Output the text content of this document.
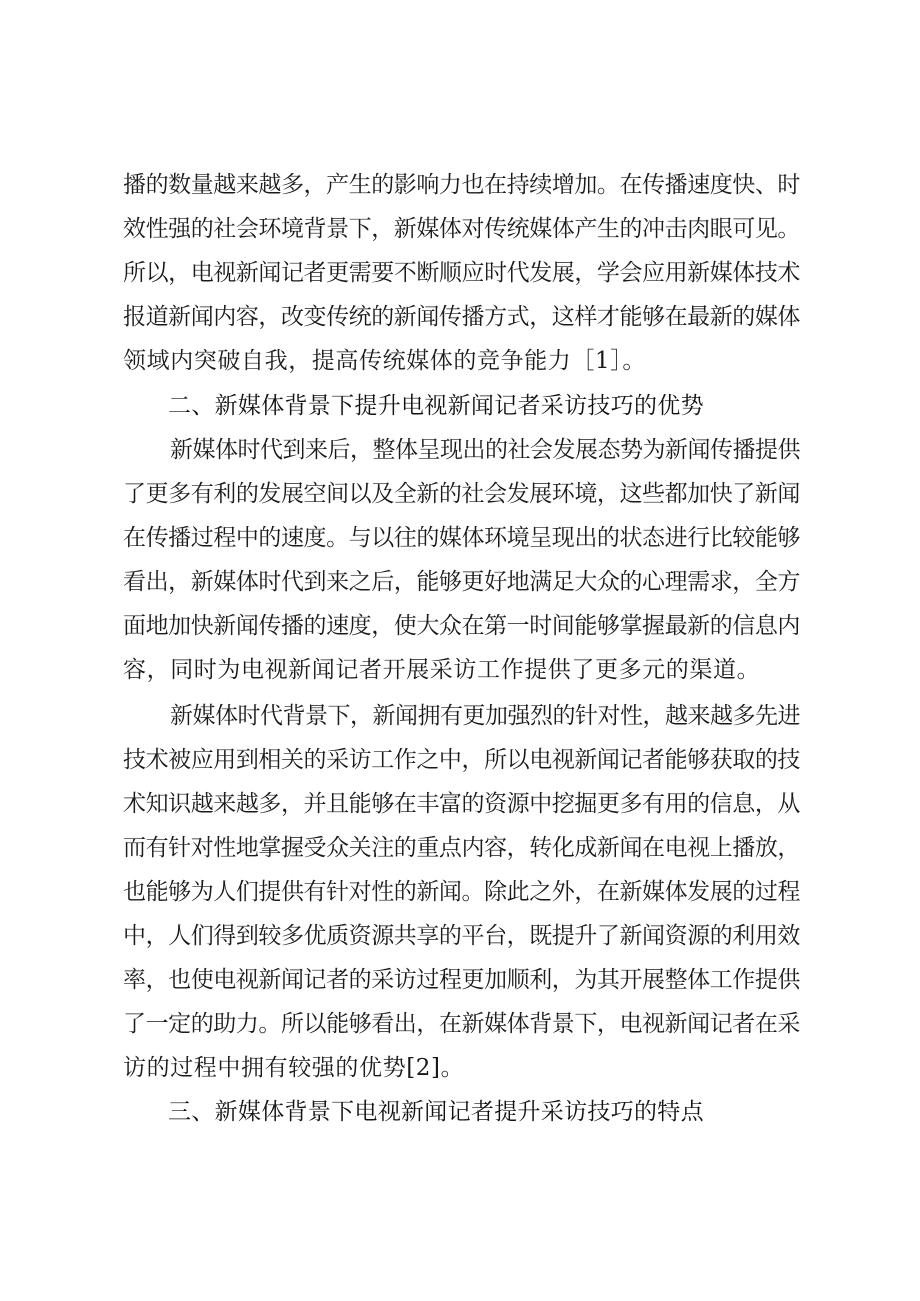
播的数量越来越多，产生的影响力也在持续增加。在传播速度快、时
效性强的社会环境背景下，新媒体对传统媒体产生的冲击肉眼可见。
所以，电视新闻记者更需要不断顺应时代发展，学会应用新媒体技术
报道新闻内容，改变传统的新闻传播方式，这样才能够在最新的媒体
领域内突破自我，提高传统媒体的竞争能力［1］。
二、新媒体背景下提升电视新闻记者采访技巧的优势
新媒体时代到来后，整体呈现出的社会发展态势为新闻传播提供
了更多有利的发展空间以及全新的社会发展环境，这些都加快了新闻
在传播过程中的速度。与以往的媒体环境呈现出的状态进行比较能够
看出，新媒体时代到来之后，能够更好地满足大众的心理需求，全方
面地加快新闻传播的速度，使大众在第一时间能够掌握最新的信息内
容，同时为电视新闻记者开展采访工作提供了更多元的渠道。
新媒体时代背景下，新闻拥有更加强烈的针对性，越来越多先进
技术被应用到相关的采访工作之中，所以电视新闻记者能够获取的技
术知识越来越多，并且能够在丰富的资源中挖掘更多有用的信息，从
而有针对性地掌握受众关注的重点内容，转化成新闻在电视上播放，
也能够为人们提供有针对性的新闻。除此之外，在新媒体发展的过程
中，人们得到较多优质资源共享的平台，既提升了新闻资源的利用效
率，也使电视新闻记者的采访过程更加顺利，为其开展整体工作提供
了一定的助力。所以能够看出，在新媒体背景下，电视新闻记者在采
访的过程中拥有较强的优势[2]。
三、新媒体背景下电视新闻记者提升采访技巧的特点
